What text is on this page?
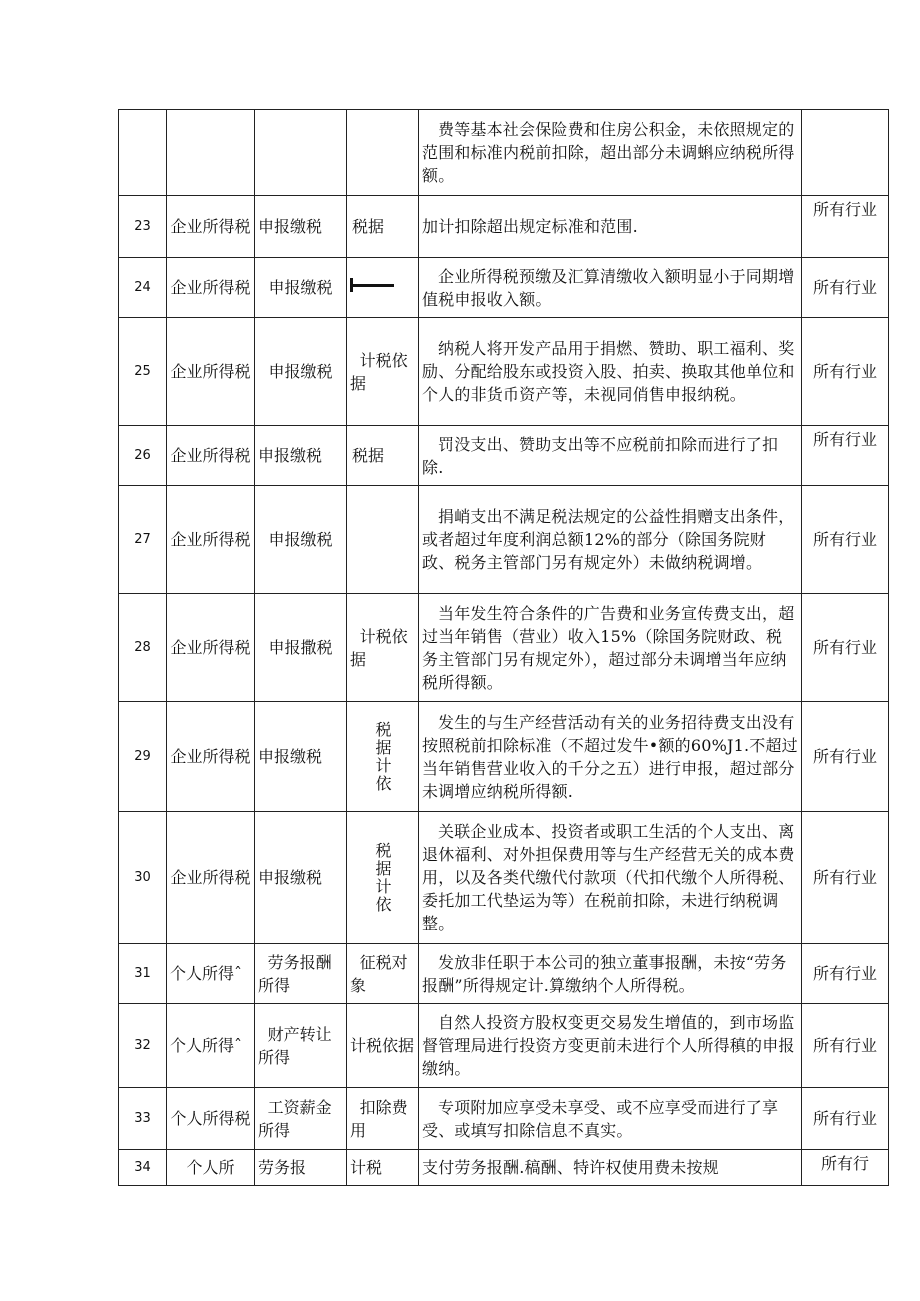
				费等基本社会保险费和住房公积金，未依照规定的范围和标准内税前扣除，超出部分未调蝌应纳税所得额。	
23	企业所得税	申报缴税	税据	加计扣除超出规定标准和范围.	所有行业
24	企业所得税	申报缴税		企业所得税预缴及汇算清缴收入额明显小于同期增值税申报收入额。	所有行业
25	企业所得税	申报缴税	计税依据	纳税人将开发产品用于捐燃、赞助、职工福利、奖励、分配给股东或投资入股、拍卖、换取其他单位和个人的非货币资产等，未视同俏售申报纳税。	所有行业
26	企业所得税	申报缴税	税据	罚没支出、赞助支出等不应税前扣除而进行了扣除.	所有行业
27	企业所得税	申报缴税		捐峭支出不满足税法规定的公益性捐赠支出条件，或者超过年度利润总额12%的部分（除国务院财政、税务主管部门另有规定外）未做纳税调增。	所有行业
28	企业所得税	申报撒税	计税依据	当年发生符合条件的广告费和业务宣传费支出，超过当年销售（营业）收入15%（除国务院财政、税务主管部门另有规定外），超过部分未调增当年应纳税所得额。	所有行业
29	企业所得税	申报缴税	税据计依	发生的与生产经营活动有关的业务招待费支出没有按照税前扣除标准（不超过发牛•额的60%J1.不超过当年销售营业收入的千分之五）进行申报，超过部分未调增应纳税所得额.	所有行业
30	企业所得税	申报缴税	税据计依	关联企业成本、投资者或职工生活的个人支出、离退休福利、对外担保费用等与生产经营无关的成本费用，以及各类代缴代付款项（代扣代缴个人所得税、委托加工代垫运为等）在税前扣除，未进行纳税调整。	所有行业
31	个人所得ˆ	劳务报酬所得	征税对象	发放非任职于本公司的独立董事报酬，未按“劳务报酬”所得规定计.算缴纳个人所得税。	所有行业
32	个人所得ˆ	财产转让所得	计税依据	自然人投资方股权变更交易发生增值的，到市场监督管理局进行投资方变更前未进行个人所得稹的申报缴纳。	所有行业
33	个人所得税	工资薪金所得	扣除费用	专项附加应享受未享受、或不应享受而进行了享受、或填写扣除信息不真实。	所有行业
34	个人所	劳务报	计税	支付劳务报酬.稿酬、特许权使用费未按规	所有行
